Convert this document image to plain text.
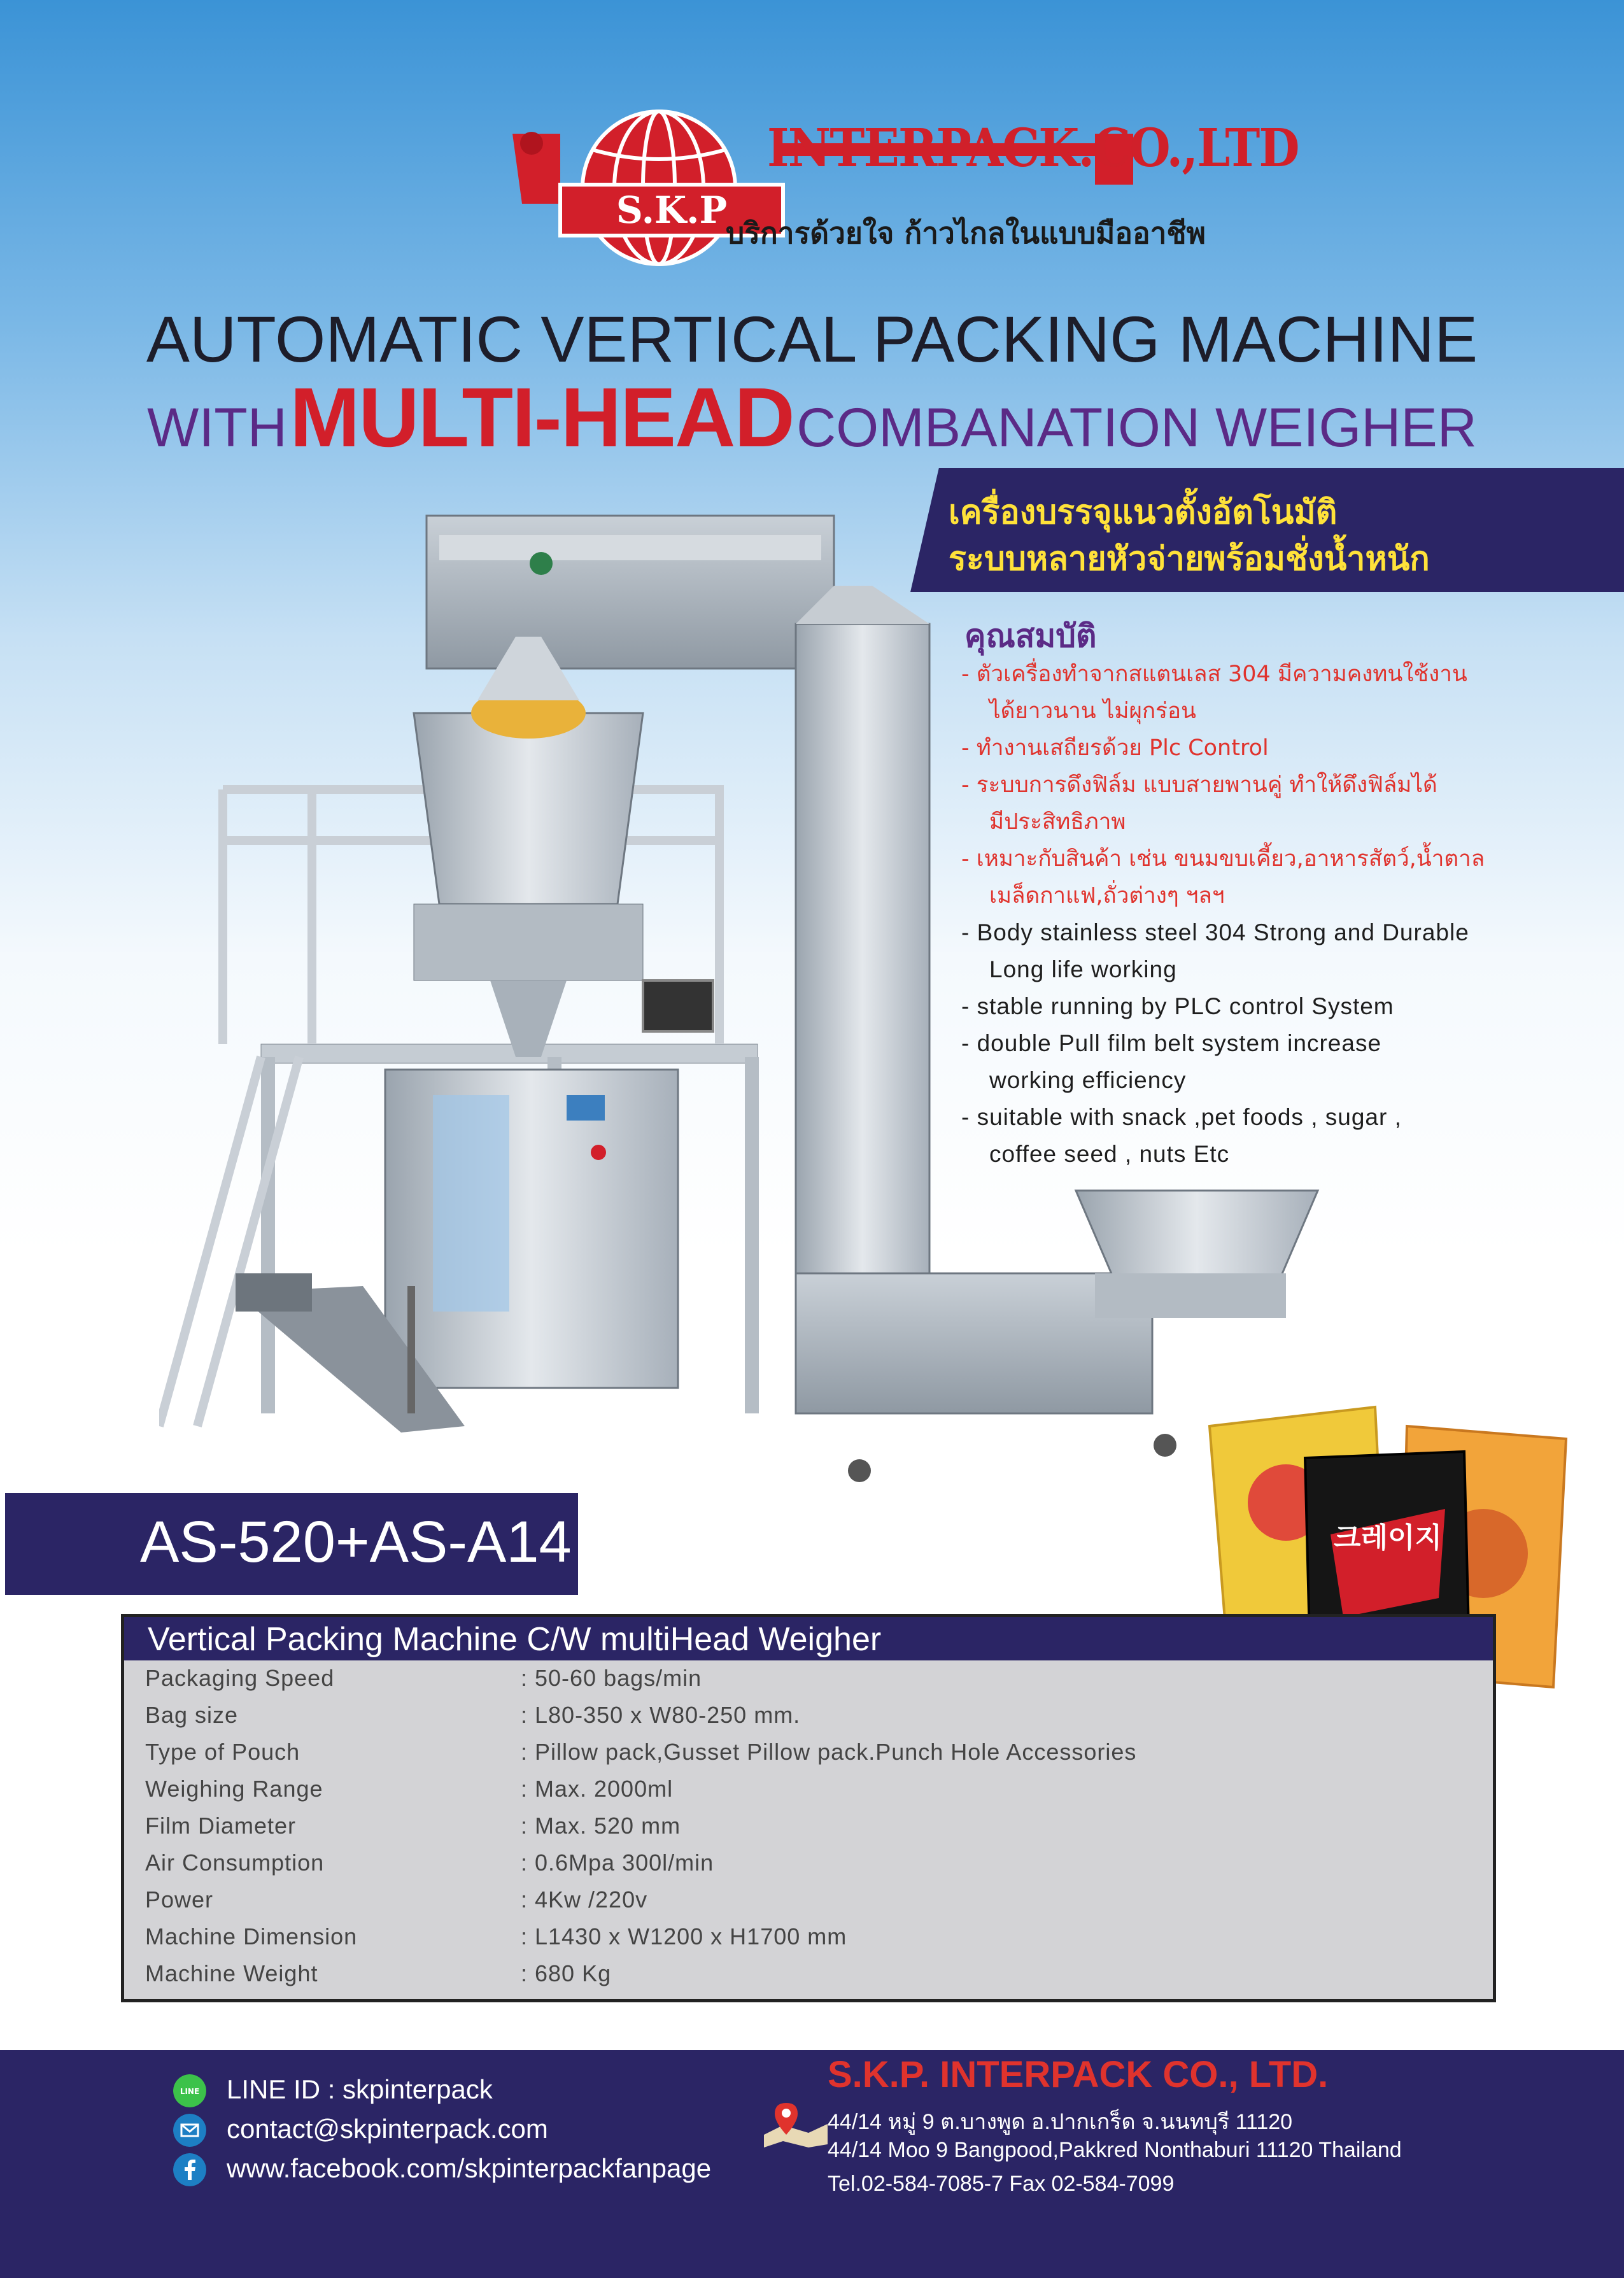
S.K.P
INTERPACK.CO.,LTD
บริการด้วยใจ ก้าวไกลในแบบมืออาชีพ
AUTOMATIC VERTICAL PACKING MACHINE
WITH MULTI-HEAD COMBANATION WEIGHER
เครื่องบรรจุแนวตั้งอัตโนมัติ
ระบบหลายหัวจ่ายพร้อมชั่งน้ำหนัก
คุณสมบัติ
- ตัวเครื่องทำจากสแตนเลส 304 มีความคงทนใช้งาน
ได้ยาวนาน ไม่ผุกร่อน
- ทำงานเสถียรด้วย Plc Control
- ระบบการดึงฟิล์ม แบบสายพานคู่ ทำให้ดึงฟิล์มได้
มีประสิทธิภาพ
- เหมาะกับสินค้า เช่น ขนมขบเคี้ยว,อาหารสัตว์,น้ำตาล
เมล็ดกาแฟ,ถั่วต่างๆ ฯลฯ
- Body stainless steel 304 Strong and Durable
Long life working
- stable running by PLC control System
- double Pull film belt system increase
working efficiency
- suitable with snack ,pet foods , sugar ,
coffee seed , nuts Etc
크레이지
AS-520+AS-A14
Vertical Packing Machine C/W multiHead Weigher
Packaging Speed	: 50-60 bags/min
Bag size	: L80-350 x W80-250 mm.
Type of Pouch	: Pillow pack,Gusset Pillow pack.Punch Hole Accessories
Weighing Range	: Max. 2000ml
Film Diameter	: Max. 520 mm
Air Consumption	: 0.6Mpa 300l/min
Power	: 4Kw /220v
Machine Dimension	: L1430 x W1200 x H1700 mm
Machine Weight	: 680 Kg
LINE LINE ID : skpinterpack
contact@skpinterpack.com
www.facebook.com/skpinterpackfanpage
S.K.P. INTERPACK CO., LTD.
44/14 หมู่ 9 ต.บางพูด อ.ปากเกร็ด จ.นนทบุรี 11120
44/14 Moo 9 Bangpood,Pakkred Nonthaburi 11120 Thailand
Tel.02-584-7085-7 Fax 02-584-7099
